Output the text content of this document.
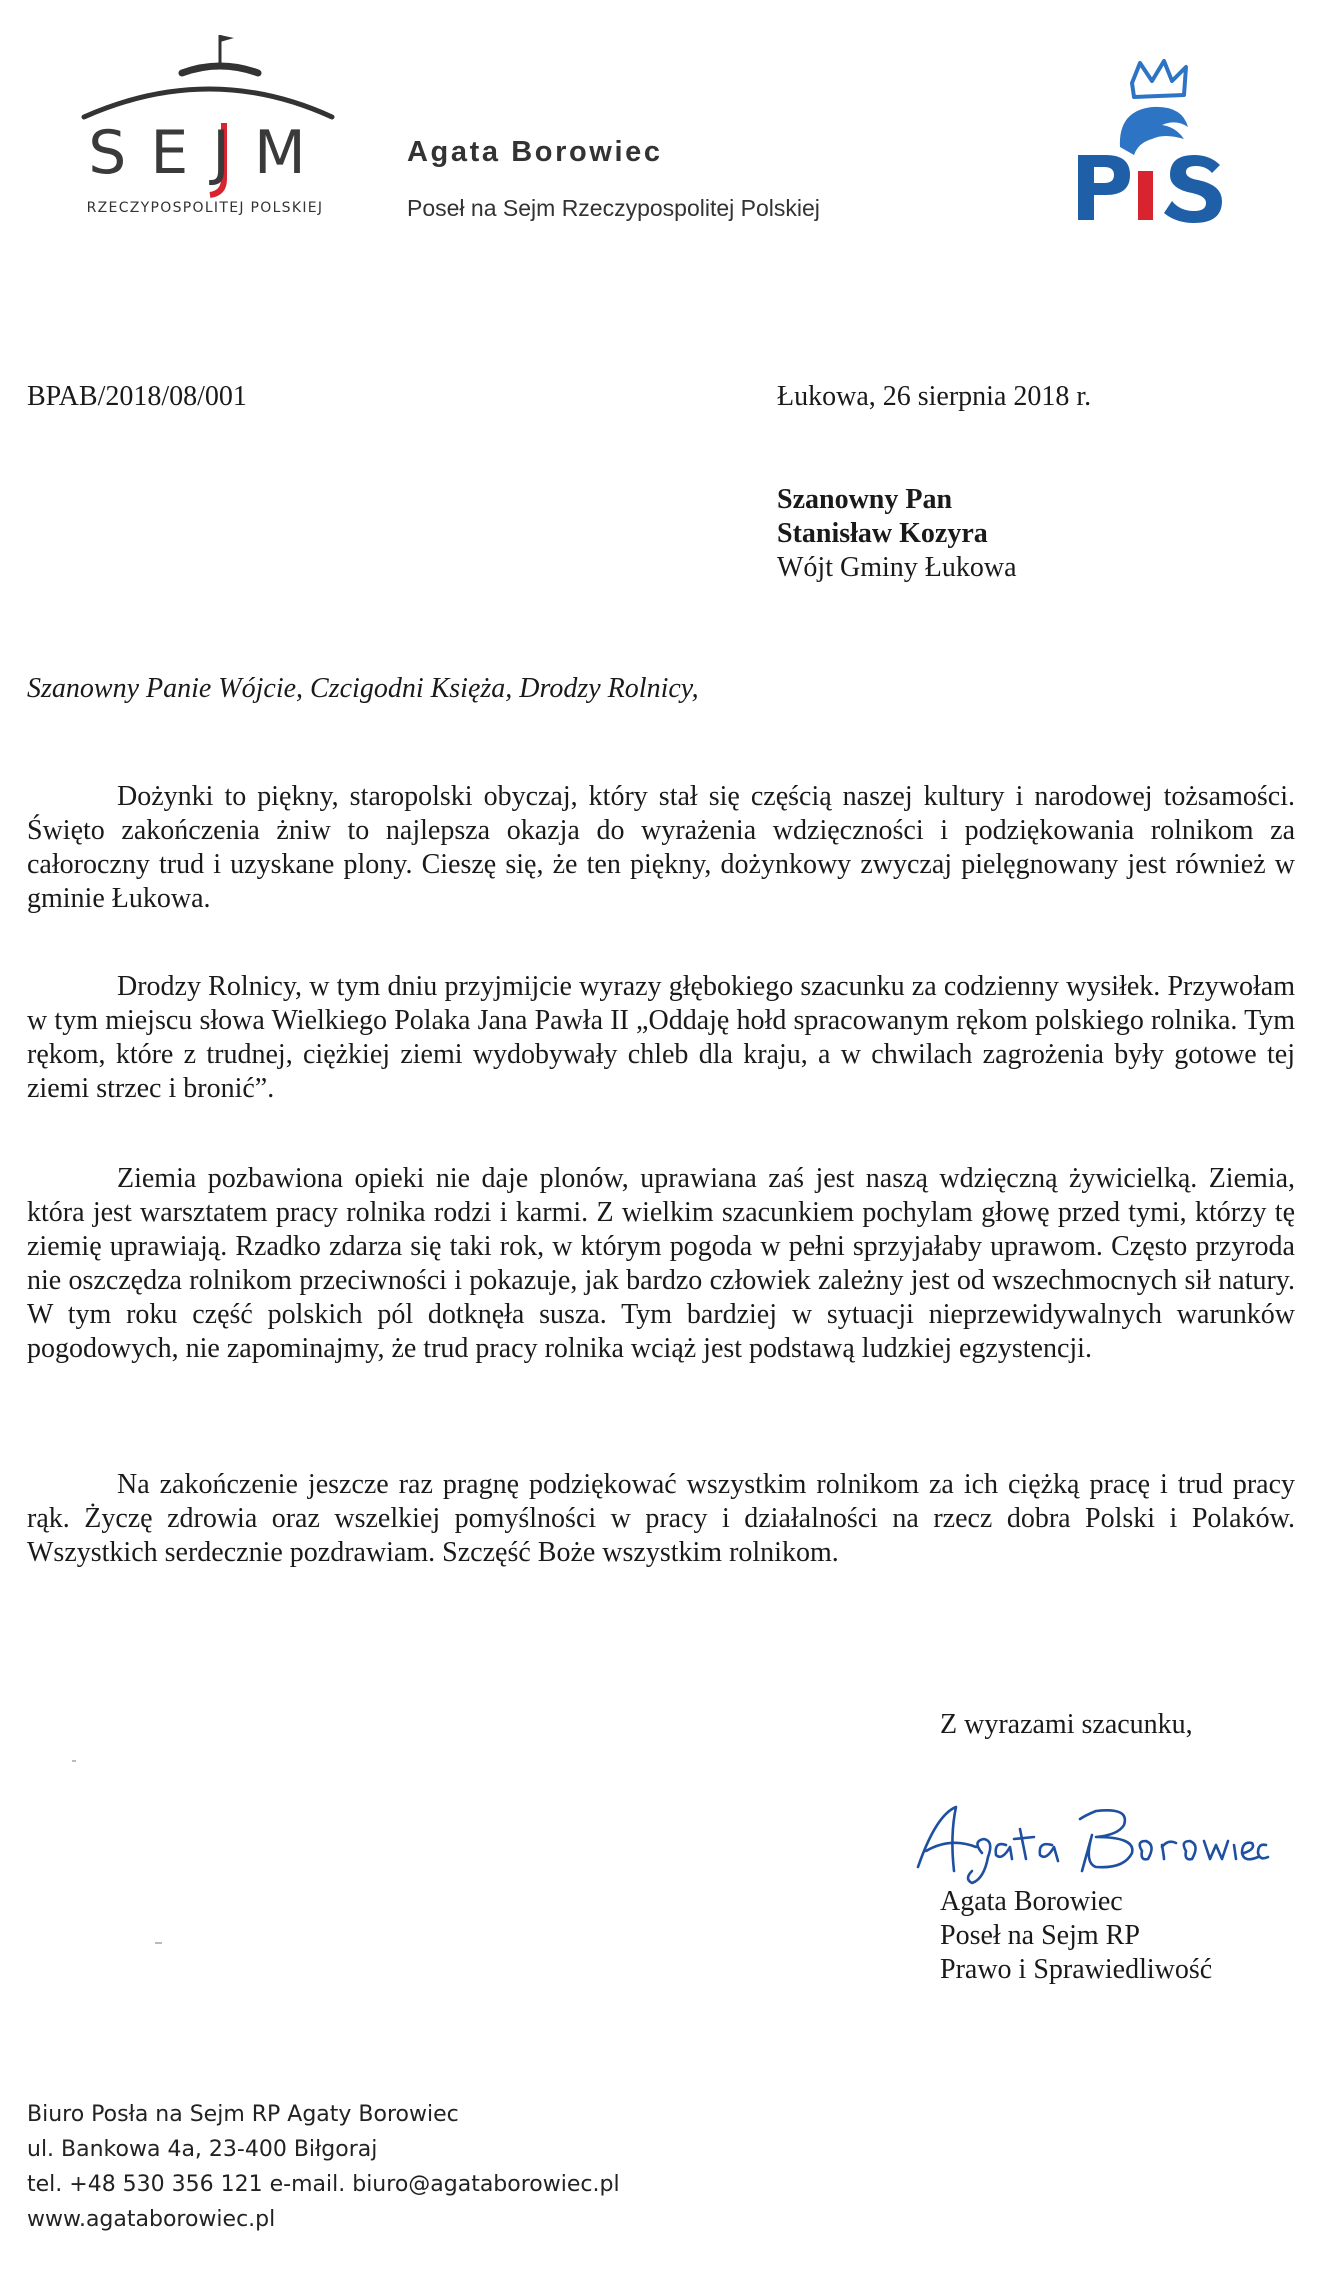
SEJM
RZECZYPOSPOLITEJ POLSKIEJ
Agata Borowiec
Poseł na Sejm Rzeczypospolitej Polskiej
BPAB/2018/08/001	Łukowa, 26 sierpnia 2018 r.
Szanowny Pan
Stanisław Kozyra
Wójt Gminy Łukowa
Szanowny Panie Wójcie, Czcigodni Księża, Drodzy Rolnicy,
Dożynki to piękny, staropolski obyczaj, który stał się częścią naszej kultury i narodowej tożsamości. Święto zakończenia żniw to najlepsza okazja do wyrażenia wdzięczności i podziękowania rolnikom za całoroczny trud i uzyskane plony. Cieszę się, że ten piękny, dożynkowy zwyczaj pielęgnowany jest również w gminie Łukowa.
Drodzy Rolnicy, w tym dniu przyjmijcie wyrazy głębokiego szacunku za codzienny wysiłek. Przywołam w tym miejscu słowa Wielkiego Polaka Jana Pawła II „Oddaję hołd spracowanym rękom polskiego rolnika. Tym rękom, które z trudnej, ciężkiej ziemi wydobywały chleb dla kraju, a w chwilach zagrożenia były gotowe tej ziemi strzec i bronić”.
Ziemia pozbawiona opieki nie daje plonów, uprawiana zaś jest naszą wdzięczną żywicielką. Ziemia, która jest warsztatem pracy rolnika rodzi i karmi. Z wielkim szacunkiem pochylam głowę przed tymi, którzy tę ziemię uprawiają. Rzadko zdarza się taki rok, w którym pogoda w pełni sprzyjałaby uprawom. Często przyroda nie oszczędza rolnikom przeciwności i pokazuje, jak bardzo człowiek zależny jest od wszechmocnych sił natury. W tym roku część polskich pól dotknęła susza. Tym bardziej w sytuacji nieprzewidywalnych warunków pogodowych, nie zapominajmy, że trud pracy rolnika wciąż jest podstawą ludzkiej egzystencji.
Na zakończenie jeszcze raz pragnę podziękować wszystkim rolnikom za ich ciężką pracę i trud pracy rąk. Życzę zdrowia oraz wszelkiej pomyślności w pracy i działalności na rzecz dobra Polski i Polaków. Wszystkich serdecznie pozdrawiam. Szczęść Boże wszystkim rolnikom.
Z wyrazami szacunku,
Agata Borowiec
Poseł na Sejm RP
Prawo i Sprawiedliwość
Biuro Posła na Sejm RP Agaty Borowiec
ul. Bankowa 4a, 23-400 Biłgoraj
tel. +48 530 356 121 e-mail. biuro@agataborowiec.pl
www.agataborowiec.pl
